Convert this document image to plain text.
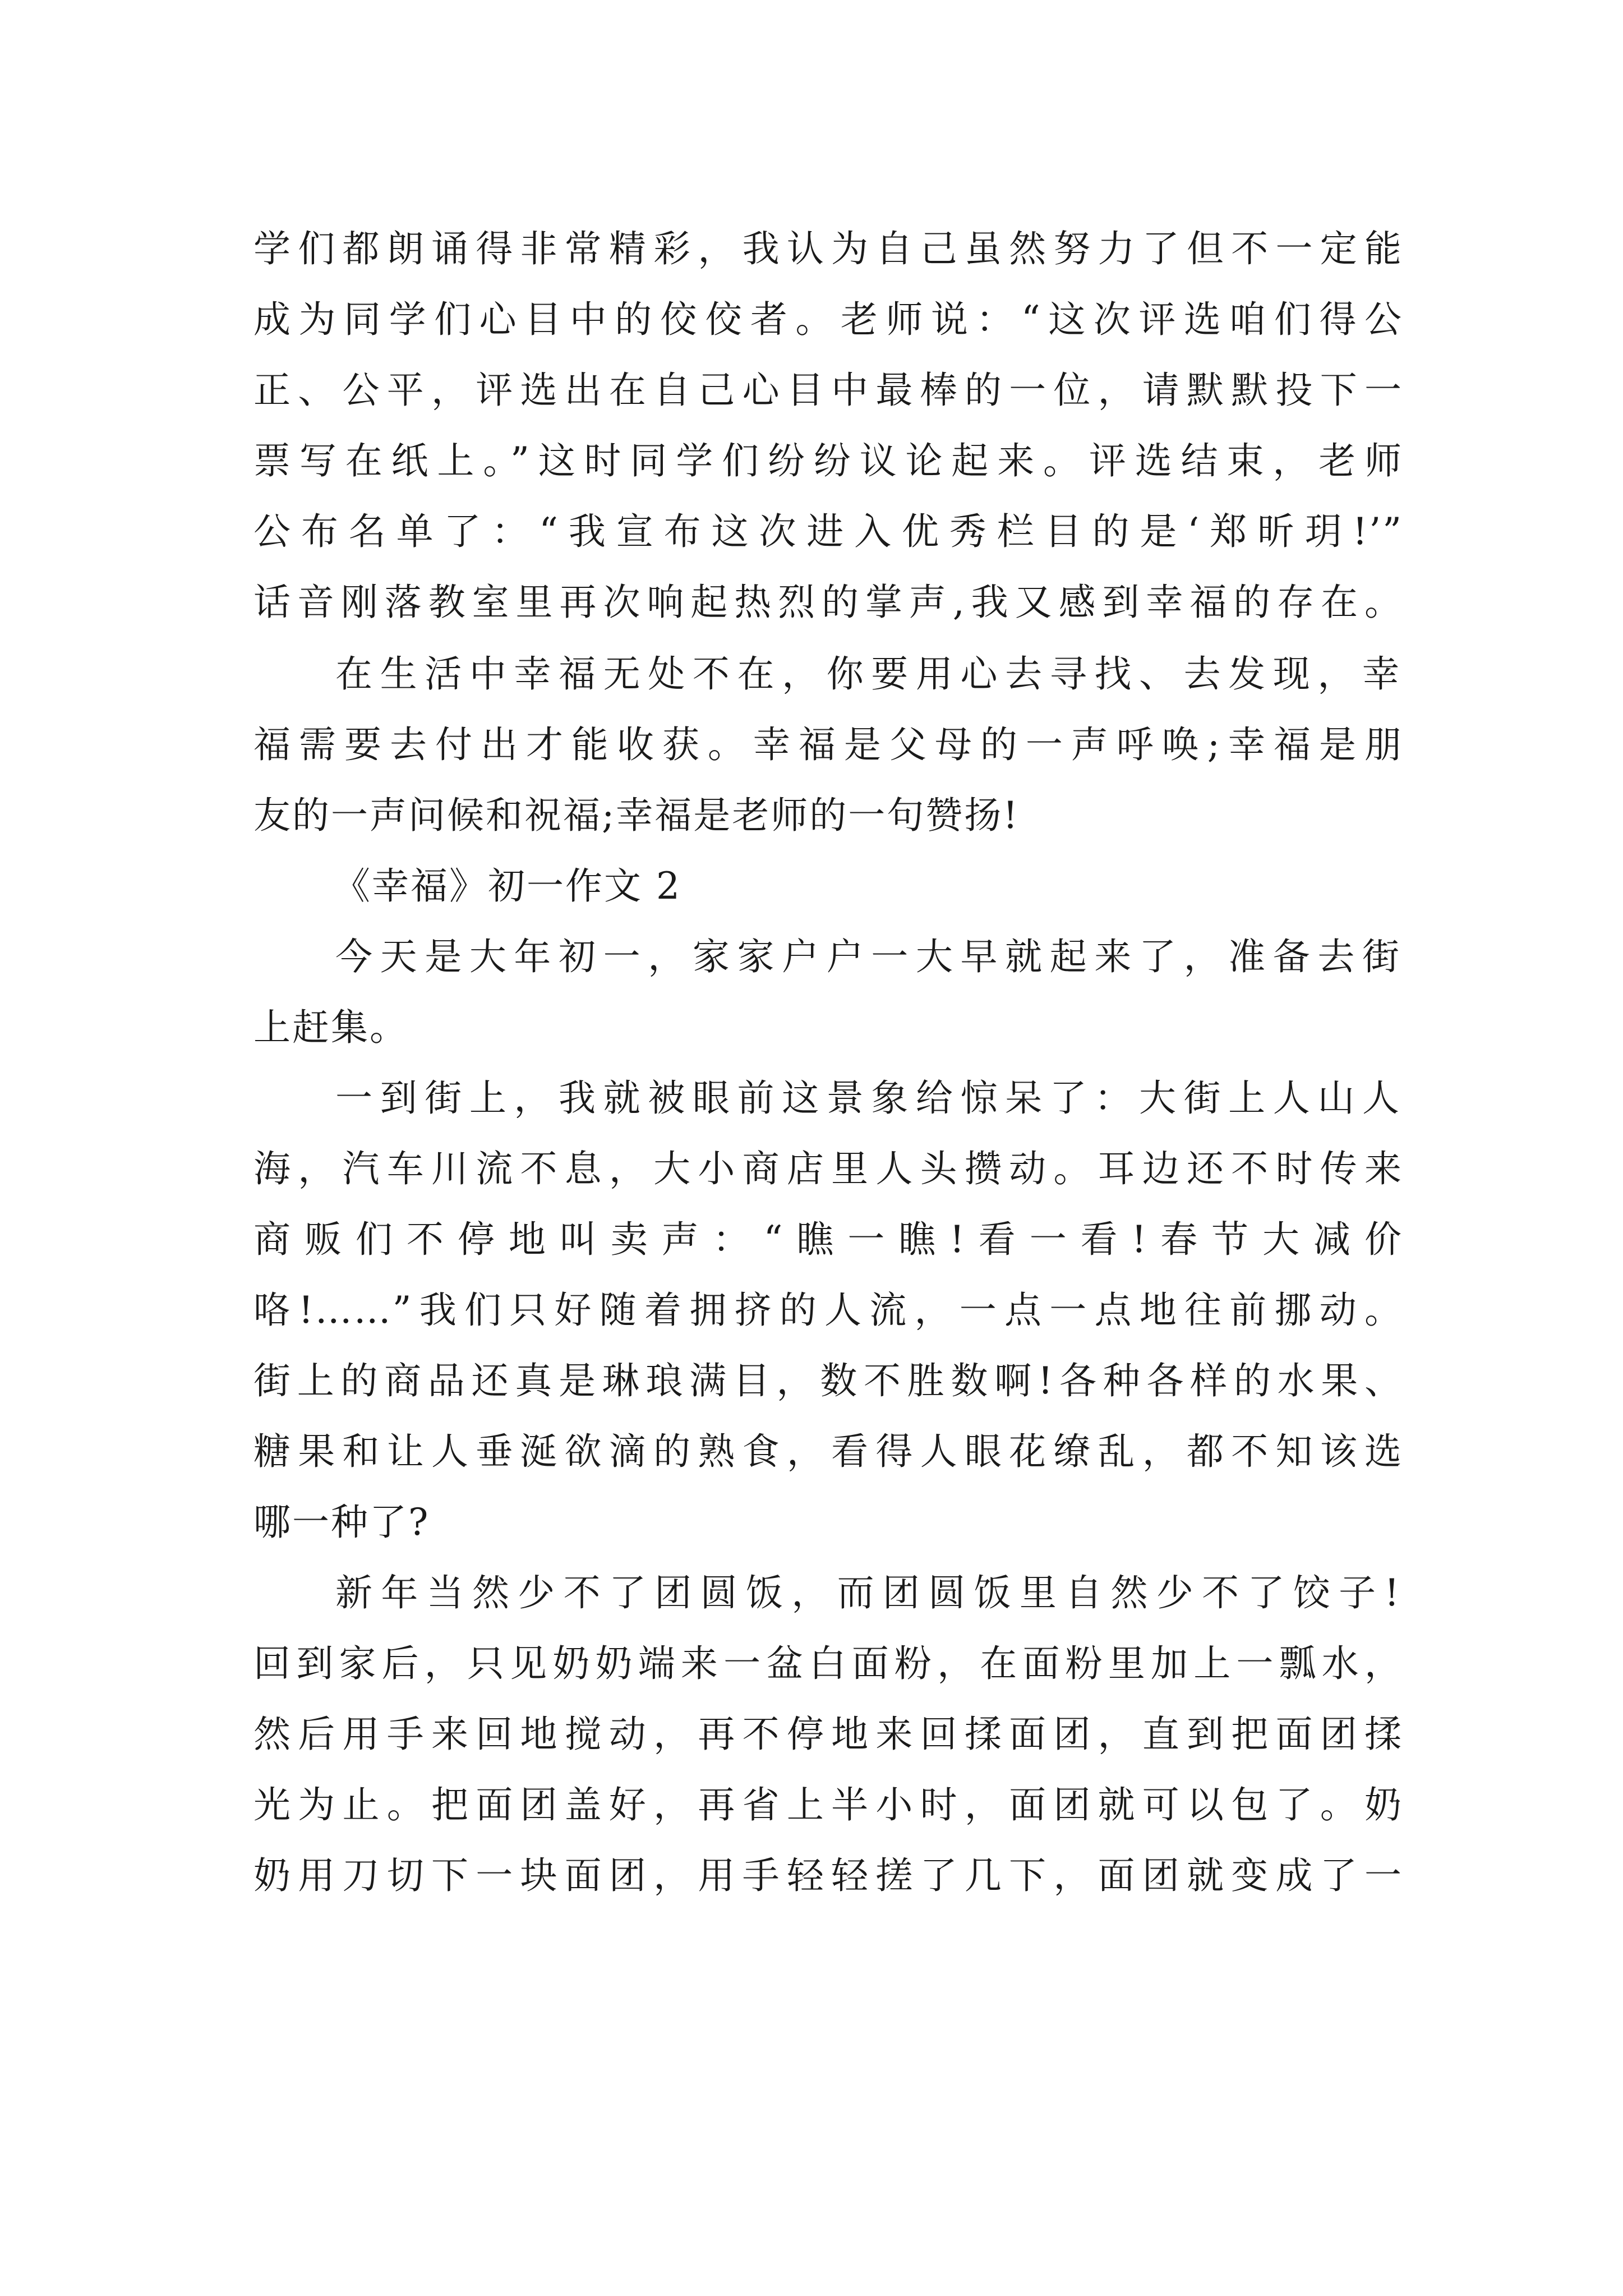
学们都朗诵得非常精彩，我认为自己虽然努力了但不一定能
成为同学们心目中的佼佼者。老师说：“这次评选咱们得公
正、公平，评选出在自己心目中最棒的一位，请默默投下一
票写在纸上。”这时同学们纷纷议论起来。评选结束，老师
公布名单了：“我宣布这次进入优秀栏目的是‘郑昕玥!’”
话音刚落教室里再次响起热烈的掌声,我又感到幸福的存在。
在生活中幸福无处不在，你要用心去寻找、去发现，幸
福需要去付出才能收获。幸福是父母的一声呼唤;幸福是朋
友的一声问候和祝福;幸福是老师的一句赞扬!
《幸福》初一作文 2
今天是大年初一，家家户户一大早就起来了，准备去街
上赶集。
一到街上，我就被眼前这景象给惊呆了：大街上人山人
海，汽车川流不息，大小商店里人头攒动。耳边还不时传来
商贩们不停地叫卖声：“瞧一瞧!看一看!春节大减价
咯!……”我们只好随着拥挤的人流，一点一点地往前挪动。
街上的商品还真是琳琅满目，数不胜数啊!各种各样的水果、
糖果和让人垂涎欲滴的熟食，看得人眼花缭乱，都不知该选
哪一种了?
新年当然少不了团圆饭，而团圆饭里自然少不了饺子!
回到家后，只见奶奶端来一盆白面粉，在面粉里加上一瓢水，
然后用手来回地搅动，再不停地来回揉面团，直到把面团揉
光为止。把面团盖好，再省上半小时，面团就可以包了。奶
奶用刀切下一块面团，用手轻轻搓了几下，面团就变成了一
